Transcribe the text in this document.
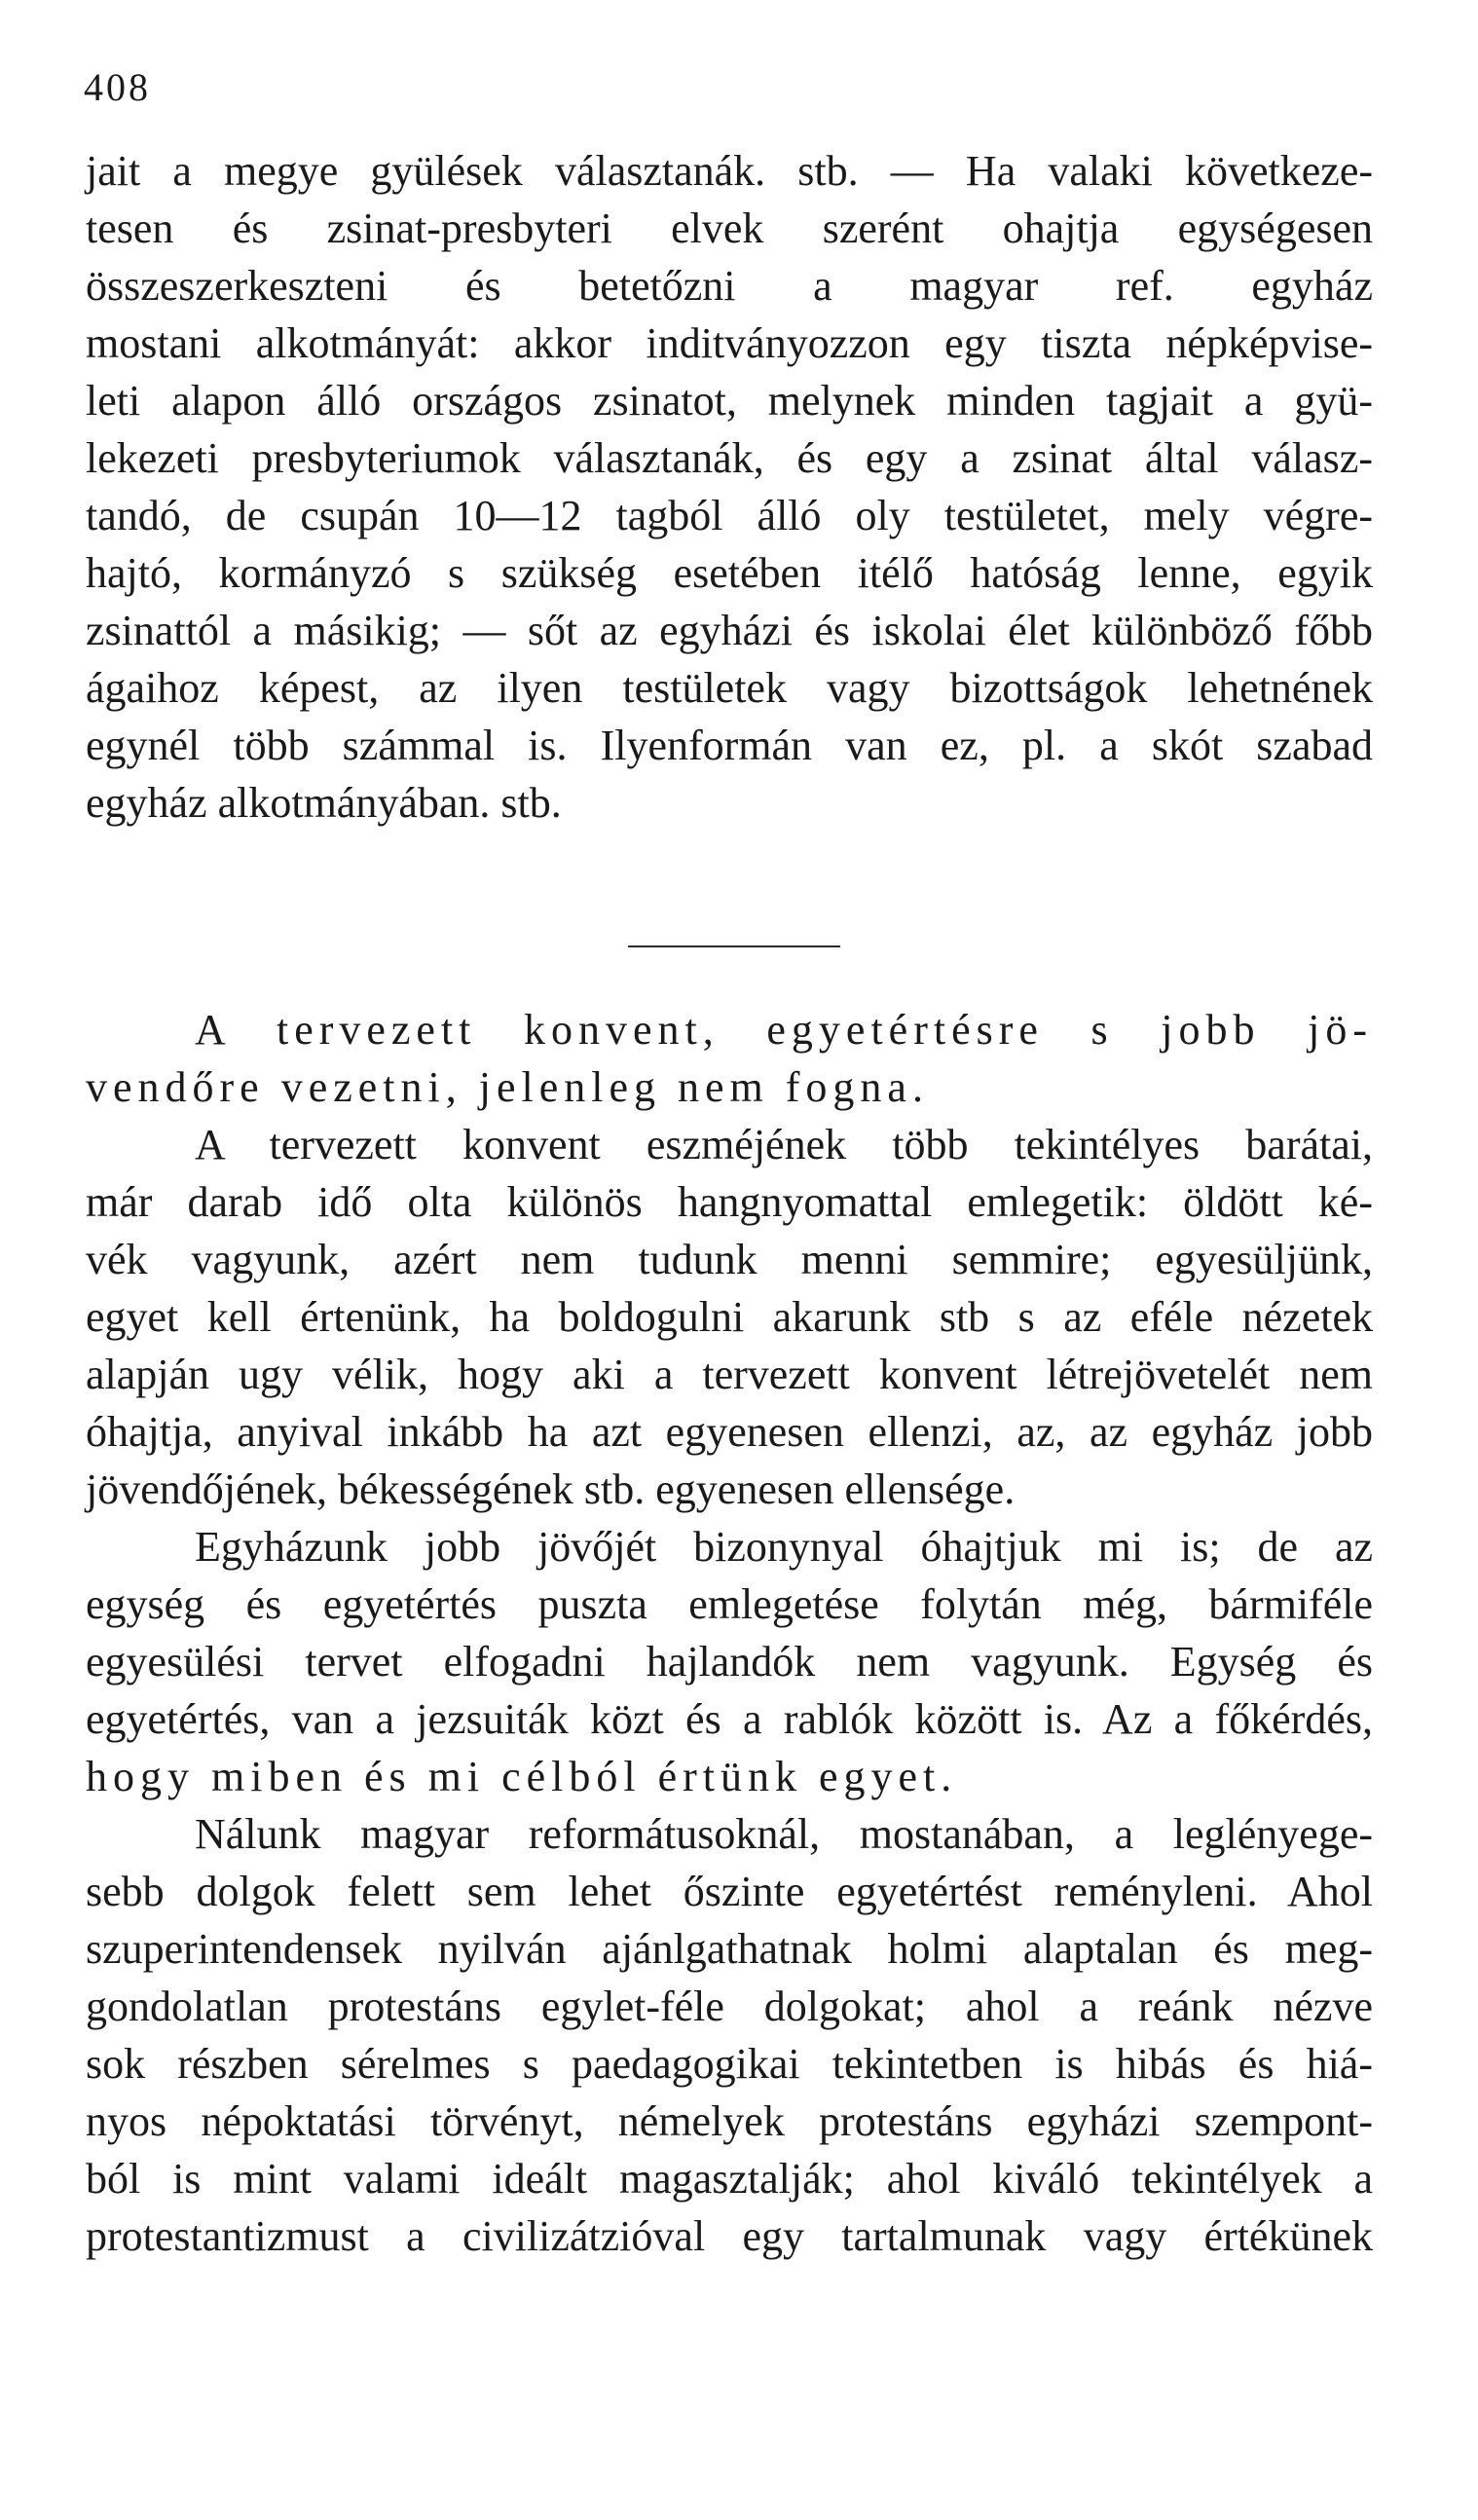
408
jait a megye gyülések választanák. stb. — Ha valaki következe-
tesen és zsinat-presbyteri elvek szerént ohajtja egységesen
összeszerkeszteni és betetőzni a magyar ref. egyház
mostani alkotmányát: akkor inditványozzon egy tiszta népképvise-
leti alapon álló országos zsinatot, melynek minden tagjait a gyü-
lekezeti presbyteriumok választanák, és egy a zsinat által válasz-
tandó, de csupán 10—12 tagból álló oly testületet, mely végre-
hajtó, kormányzó s szükség esetében itélő hatóság lenne, egyik
zsinattól a másikig; — sőt az egyházi és iskolai élet különböző főbb
ágaihoz képest, az ilyen testületek vagy bizottságok lehetnének
egynél több számmal is. Ilyenformán van ez, pl. a skót szabad
egyház alkotmányában. stb.
A tervezett konvent, egyetértésre s jobb jö-
vendőre vezetni, jelenleg nem fogna.
A tervezett konvent eszméjének több tekintélyes barátai,
már darab idő olta különös hangnyomattal emlegetik: öldött ké-
vék vagyunk, azért nem tudunk menni semmire; egyesüljünk,
egyet kell értenünk, ha boldogulni akarunk stb s az eféle nézetek
alapján ugy vélik, hogy aki a tervezett konvent létrejövetelét nem
óhajtja, anyival inkább ha azt egyenesen ellenzi, az, az egyház jobb
jövendőjének, békességének stb. egyenesen ellensége.
Egyházunk jobb jövőjét bizonynyal óhajtjuk mi is; de az
egység és egyetértés puszta emlegetése folytán még, bármiféle
egyesülési tervet elfogadni hajlandók nem vagyunk. Egység és
egyetértés, van a jezsuiták közt és a rablók között is. Az a főkérdés,
hogy miben és mi célból értünk egyet.
Nálunk magyar reformátusoknál, mostanában, a leglényege-
sebb dolgok felett sem lehet őszinte egyetértést reményleni. Ahol
szuperintendensek nyilván ajánlgathatnak holmi alaptalan és meg-
gondolatlan protestáns egylet-féle dolgokat; ahol a reánk nézve
sok részben sérelmes s paedagogikai tekintetben is hibás és hiá-
nyos népoktatási törvényt, némelyek protestáns egyházi szempont-
ból is mint valami ideált magasztalják; ahol kiváló tekintélyek a
protestantizmust a civilizátzióval egy tartalmunak vagy értékünek
